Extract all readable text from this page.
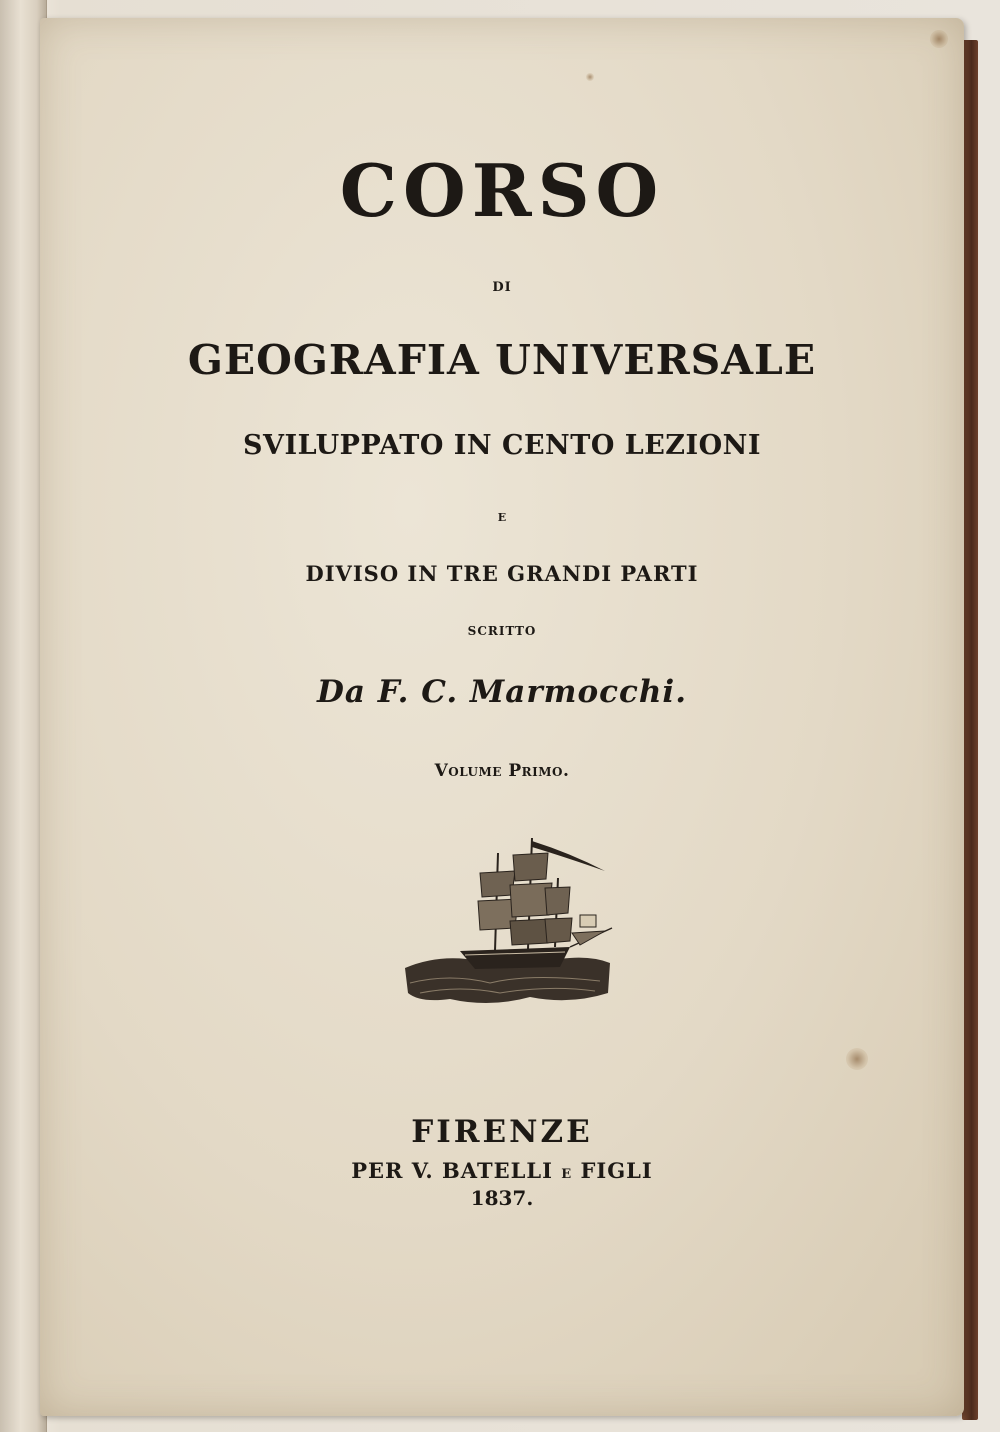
CORSO
DI
GEOGRAFIA UNIVERSALE
SVILUPPATO IN CENTO LEZIONI
E
DIVISO IN TRE GRANDI PARTI
SCRITTO
Da F. C. Marmocchi.
Volume Primo.
FIRENZE
PER V. BATELLI E FIGLI
1837.
